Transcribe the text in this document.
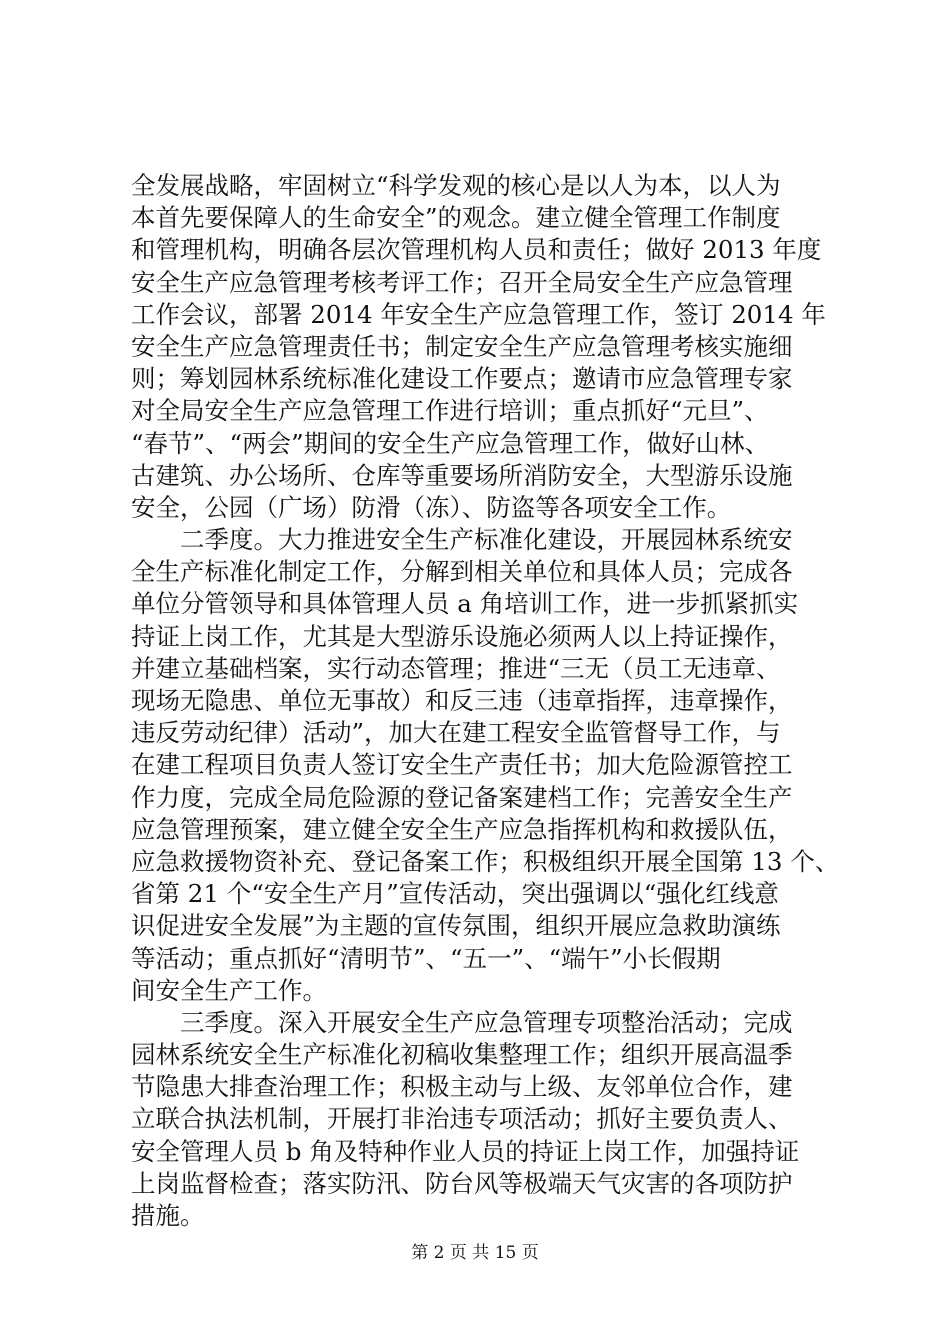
全发展战略，牢固树立“科学发观的核心是以人为本，以人为
本首先要保障人的生命安全”的观念。建立健全管理工作制度
和管理机构，明确各层次管理机构人员和责任；做好 2013 年度
安全生产应急管理考核考评工作；召开全局安全生产应急管理
工作会议，部署 2014 年安全生产应急管理工作，签订 2014 年
安全生产应急管理责任书；制定安全生产应急管理考核实施细
则；筹划园林系统标准化建设工作要点；邀请市应急管理专家
对全局安全生产应急管理工作进行培训；重点抓好“元旦”、
“春节”、“两会”期间的安全生产应急管理工作，做好山林、
古建筑、办公场所、仓库等重要场所消防安全，大型游乐设施
安全，公园（广场）防滑（冻）、防盗等各项安全工作。
　　二季度。大力推进安全生产标准化建设，开展园林系统安
全生产标准化制定工作，分解到相关单位和具体人员；完成各
单位分管领导和具体管理人员 a 角培训工作，进一步抓紧抓实
持证上岗工作，尤其是大型游乐设施必须两人以上持证操作，
并建立基础档案，实行动态管理；推进“三无（员工无违章、
现场无隐患、单位无事故）和反三违（违章指挥，违章操作，
违反劳动纪律）活动”，加大在建工程安全监管督导工作，与
在建工程项目负责人签订安全生产责任书；加大危险源管控工
作力度，完成全局危险源的登记备案建档工作；完善安全生产
应急管理预案，建立健全安全生产应急指挥机构和救援队伍，
应急救援物资补充、登记备案工作；积极组织开展全国第 13 个、
省第 21 个“安全生产月”宣传活动，突出强调以“强化红线意
识促进安全发展”为主题的宣传氛围，组织开展应急救助演练
等活动；重点抓好“清明节”、“五一”、“端午”小长假期
间安全生产工作。
　　三季度。深入开展安全生产应急管理专项整治活动；完成
园林系统安全生产标准化初稿收集整理工作；组织开展高温季
节隐患大排查治理工作；积极主动与上级、友邻单位合作，建
立联合执法机制，开展打非治违专项活动；抓好主要负责人、
安全管理人员 b 角及特种作业人员的持证上岗工作，加强持证
上岗监督检查；落实防汛、防台风等极端天气灾害的各项防护
措施。
第 2 页 共 15 页
